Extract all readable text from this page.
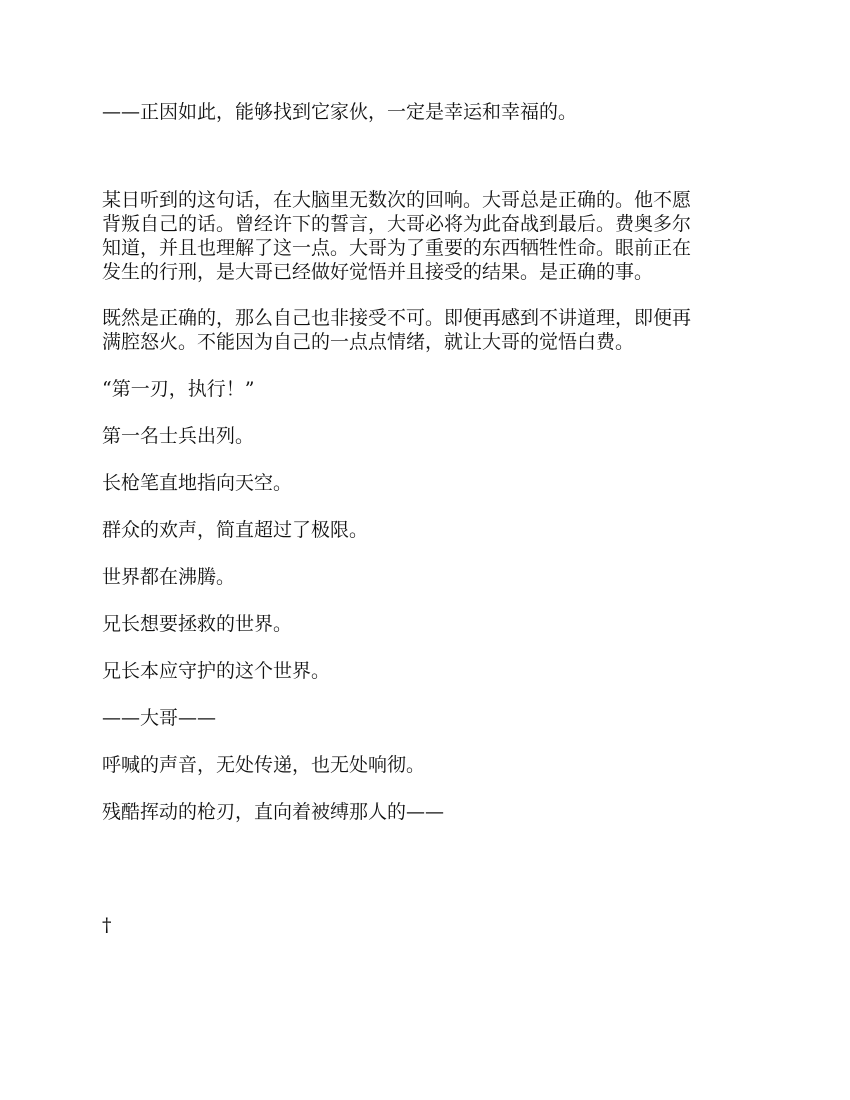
——正因如此，能够找到它家伙，一定是幸运和幸福的。
某日听到的这句话，在大脑里无数次的回响。大哥总是正确的。他不愿
背叛自己的话。曾经许下的誓言，大哥必将为此奋战到最后。费奥多尔
知道，并且也理解了这一点。大哥为了重要的东西牺牲性命。眼前正在
发生的行刑，是大哥已经做好觉悟并且接受的结果。是正确的事。
既然是正确的，那么自己也非接受不可。即便再感到不讲道理，即便再
满腔怒火。不能因为自己的一点点情绪，就让大哥的觉悟白费。
“第一刃，执行！”
第一名士兵出列。
长枪笔直地指向天空。
群众的欢声，简直超过了极限。
世界都在沸腾。
兄长想要拯救的世界。
兄长本应守护的这个世界。
——大哥——
呼喊的声音，无处传递，也无处响彻。
残酷挥动的枪刃，直向着被缚那人的——
†
